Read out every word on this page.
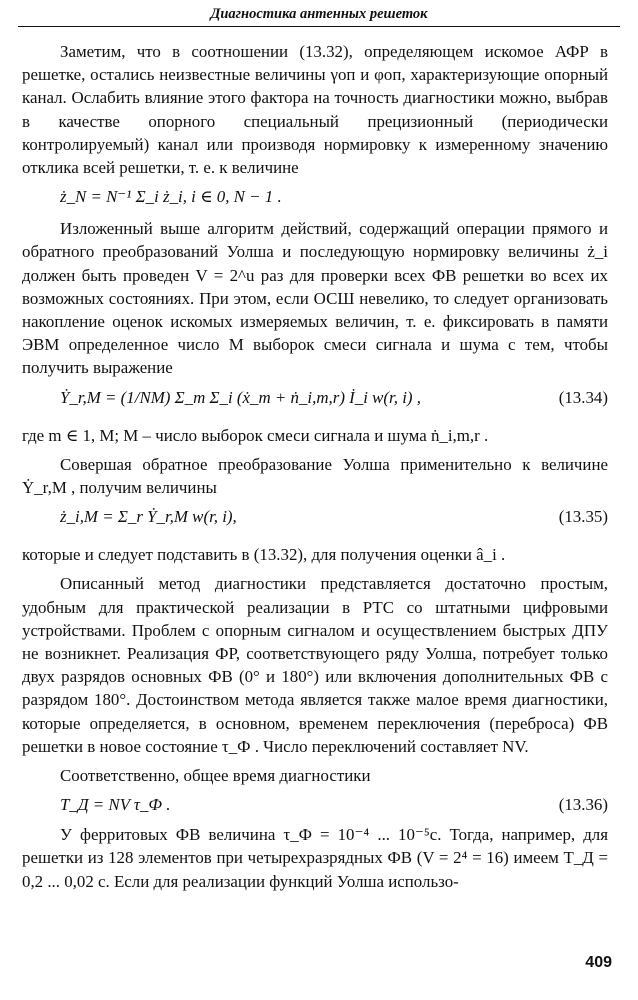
Диагностика антенных решеток

Заметим, что в соотношении (13.32), определяющем искомое АФР в решетке, остались неизвестные величины γоп и φоп, характеризующие опорный канал. Ослабить влияние этого фактора на точность диагностики можно, выбрав в качестве опорного специальный прецизионный (периодически контролируемый) канал или производя нормировку к измеренному значению отклика всей решетки, т. е. к величине

ż_N = N⁻¹ Σ_i ż_i, i ∈ 0, N − 1 .

Изложенный выше алгоритм действий, содержащий операции прямого и обратного преобразований Уолша и последующую нормировку величины ż_i должен быть проведен V = 2^u раз для проверки всех ФВ решетки во всех их возможных состояниях. При этом, если ОСШ невелико, то следует организовать накопление оценок искомых измеряемых величин, т. е. фиксировать в памяти ЭВМ определенное число M выборок смеси сигнала и шума с тем, чтобы получить выражение

Ẏ_r,M = (1/NM) Σ_m Σ_i (ẋ_m + ṅ_i,m,r) İ_i w(r, i) ,	(13.34)

где m ∈ 1, M; M – число выборок смеси сигнала и шума ṅ_i,m,r .

Совершая обратное преобразование Уолша применительно к величине Ẏ_r,M , получим величины

ż_i,M = Σ_r Ẏ_r,M w(r, i),	(13.35)

которые и следует подставить в (13.32), для получения оценки â_i .

Описанный метод диагностики представляется достаточно простым, удобным для практической реализации в РТС со штатными цифровыми устройствами. Проблем с опорным сигналом и осуществлением быстрых ДПУ не возникнет. Реализация ФР, соответствующего ряду Уолша, потребует только двух разрядов основных ФВ (0° и 180°) или включения дополнительных ФВ с разрядом 180°. Достоинством метода является также малое время диагностики, которые определяется, в основном, временем переключения (переброса) ФВ решетки в новое состояние τ_Ф . Число переключений составляет NV.

Соответственно, общее время диагностики

T_Д = NV τ_Ф .	(13.36)

У ферритовых ФВ величина τ_Ф = 10⁻⁴ ... 10⁻⁵с. Тогда, например, для решетки из 128 элементов при четырехразрядных ФВ (V = 2⁴ = 16) имеем T_Д = 0,2 ... 0,02 с. Если для реализации функций Уолша использо-

409
